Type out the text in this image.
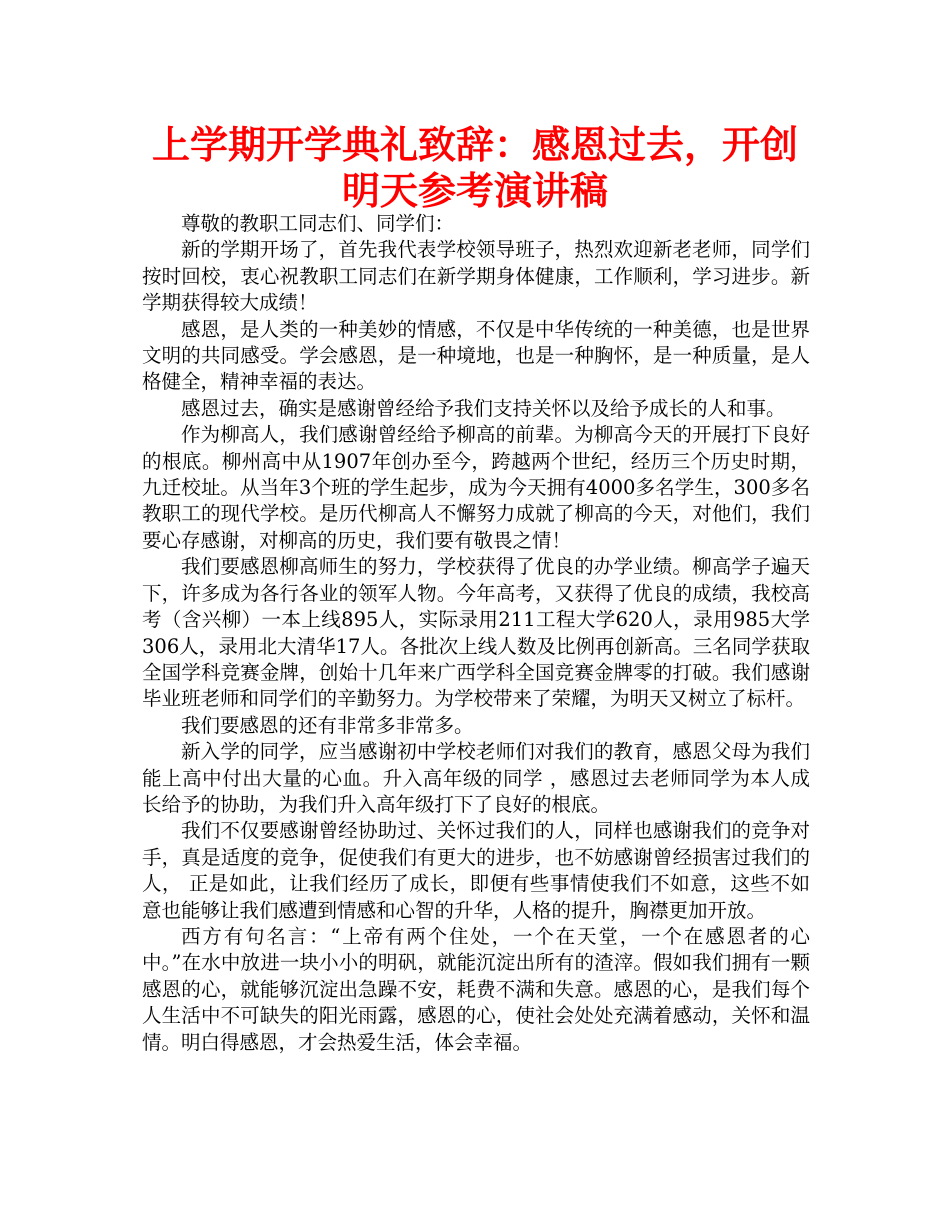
上学期开学典礼致辞：感恩过去，开创明天参考演讲稿

尊敬的教职工同志们、同学们：

新的学期开场了，首先我代表学校领导班子，热烈欢迎新老老师，同学们按时回校，衷心祝教职工同志们在新学期身体健康，工作顺利，学习进步。新学期获得较大成绩！

感恩，是人类的一种美妙的情感，不仅是中华传统的一种美德，也是世界文明的共同感受。学会感恩，是一种境地，也是一种胸怀，是一种质量，是人格健全，精神幸福的表达。

感恩过去，确实是感谢曾经给予我们支持关怀以及给予成长的人和事。

作为柳高人，我们感谢曾经给予柳高的前辈。为柳高今天的开展打下良好的根底。柳州高中从1907年创办至今，跨越两个世纪，经历三个历史时期，九迁校址。从当年3个班的学生起步，成为今天拥有4000多名学生，300多名教职工的现代学校。是历代柳高人不懈努力成就了柳高的今天，对他们，我们要心存感谢，对柳高的历史，我们要有敬畏之情！

我们要感恩柳高师生的努力，学校获得了优良的办学业绩。柳高学子遍天下，许多成为各行各业的领军人物。今年高考，又获得了优良的成绩，我校高考（含兴柳）一本上线895人，实际录用211工程大学620人，录用985大学306人，录用北大清华17人。各批次上线人数及比例再创新高。三名同学获取全国学科竞赛金牌，创始十几年来广西学科全国竞赛金牌零的打破。我们感谢毕业班老师和同学们的辛勤努力。为学校带来了荣耀，为明天又树立了标杆。

我们要感恩的还有非常多非常多。

新入学的同学，应当感谢初中学校老师们对我们的教育，感恩父母为我们能上高中付出大量的心血。升入高年级的同学 ，感恩过去老师同学为本人成长给予的协助，为我们升入高年级打下了良好的根底。

我们不仅要感谢曾经协助过、关怀过我们的人，同样也感谢我们的竞争对手，真是适度的竞争，促使我们有更大的进步，也不妨感谢曾经损害过我们的人， 正是如此，让我们经历了成长，即便有些事情使我们不如意，这些不如意也能够让我们感遭到情感和心智的升华，人格的提升，胸襟更加开放。

西方有句名言：“上帝有两个住处，一个在天堂，一个在感恩者的心中。”在水中放进一块小小的明矾，就能沉淀出所有的渣滓。假如我们拥有一颗感恩的心，就能够沉淀出急躁不安，耗费不满和失意。感恩的心，是我们每个人生活中不可缺失的阳光雨露，感恩的心，使社会处处充满着感动，关怀和温情。明白得感恩，才会热爱生活，体会幸福。
